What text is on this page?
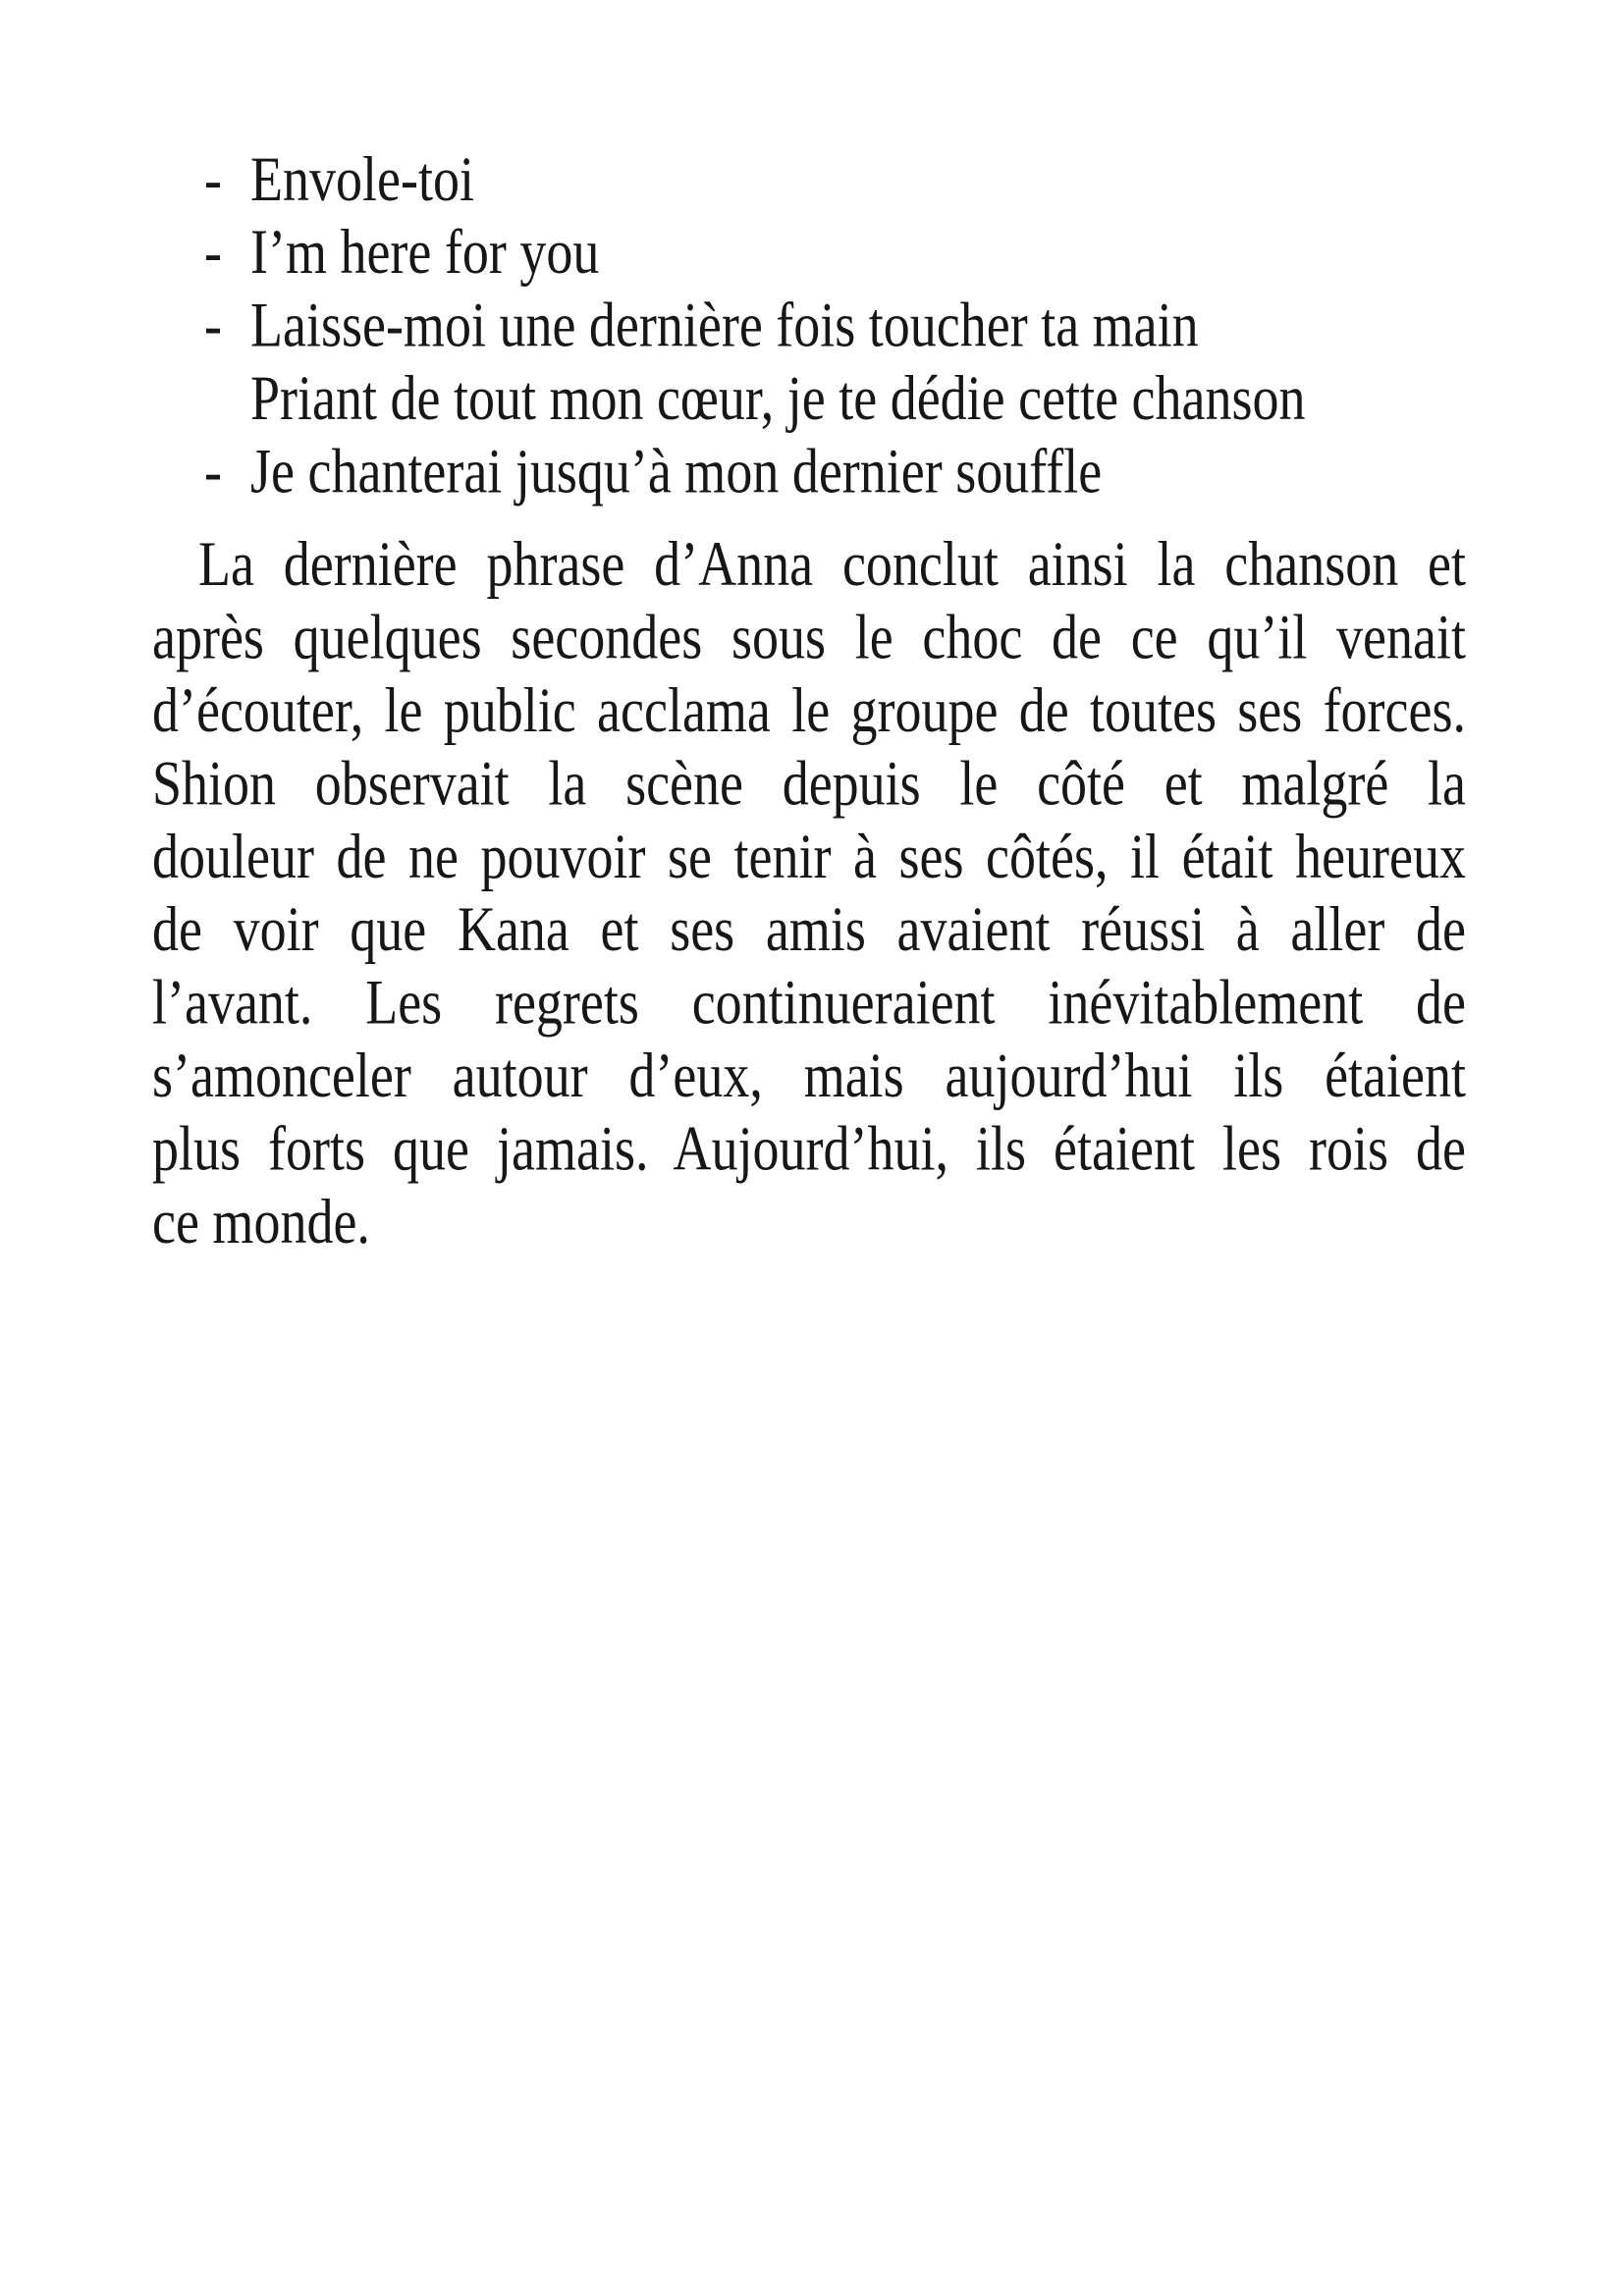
- Envole-toi
- I’m here for you
- Laisse-moi une dernière fois toucher ta main
Priant de tout mon cœur, je te dédie cette chanson
- Je chanterai jusqu’à mon dernier souffle
La dernière phrase d’Anna conclut ainsi la chanson et
après quelques secondes sous le choc de ce qu’il venait
d’écouter, le public acclama le groupe de toutes ses forces.
Shion observait la scène depuis le côté et malgré la
douleur de ne pouvoir se tenir à ses côtés, il était heureux
de voir que Kana et ses amis avaient réussi à aller de
l’avant. Les regrets continueraient inévitablement de
s’amonceler autour d’eux, mais aujourd’hui ils étaient
plus forts que jamais. Aujourd’hui, ils étaient les rois de
ce monde.
